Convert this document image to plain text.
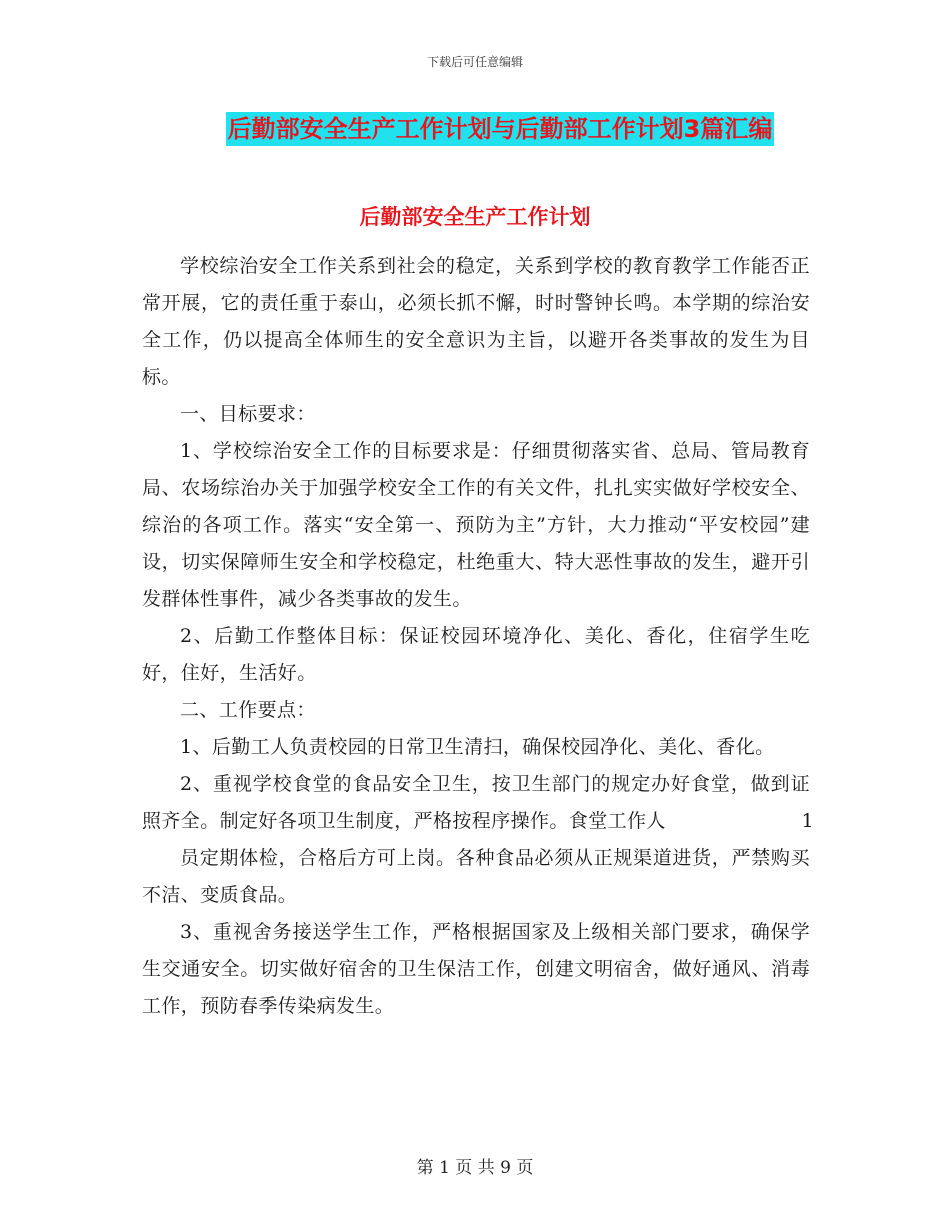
下载后可任意编辑
后勤部安全生产工作计划与后勤部工作计划3篇汇编
后勤部安全生产工作计划

学校综治安全工作关系到社会的稳定，关系到学校的教育教学工作能否正常开展，它的责任重于泰山，必须长抓不懈，时时警钟长鸣。本学期的综治安全工作，仍以提高全体师生的安全意识为主旨，以避开各类事故的发生为目标。

一、目标要求：

1、学校综治安全工作的目标要求是：仔细贯彻落实省、总局、管局教育局、农场综治办关于加强学校安全工作的有关文件，扎扎实实做好学校安全、综治的各项工作。落实“安全第一、预防为主”方针，大力推动“平安校园”建设，切实保障师生安全和学校稳定，杜绝重大、特大恶性事故的发生，避开引发群体性事件，减少各类事故的发生。

2、后勤工作整体目标：保证校园环境净化、美化、香化，住宿学生吃好，住好，生活好。

二、工作要点：

1、后勤工人负责校园的日常卫生清扫，确保校园净化、美化、香化。

2、重视学校食堂的食品安全卫生，按卫生部门的规定办好食堂，做到证照齐全。制定好各项卫生制度，严格按程序操作。食堂工作人	1

员定期体检，合格后方可上岗。各种食品必须从正规渠道进货，严禁购买不洁、变质食品。

3、重视舍务接送学生工作，严格根据国家及上级相关部门要求，确保学生交通安全。切实做好宿舍的卫生保洁工作，创建文明宿舍，做好通风、消毒工作，预防春季传染病发生。

第 1 页 共 9 页
